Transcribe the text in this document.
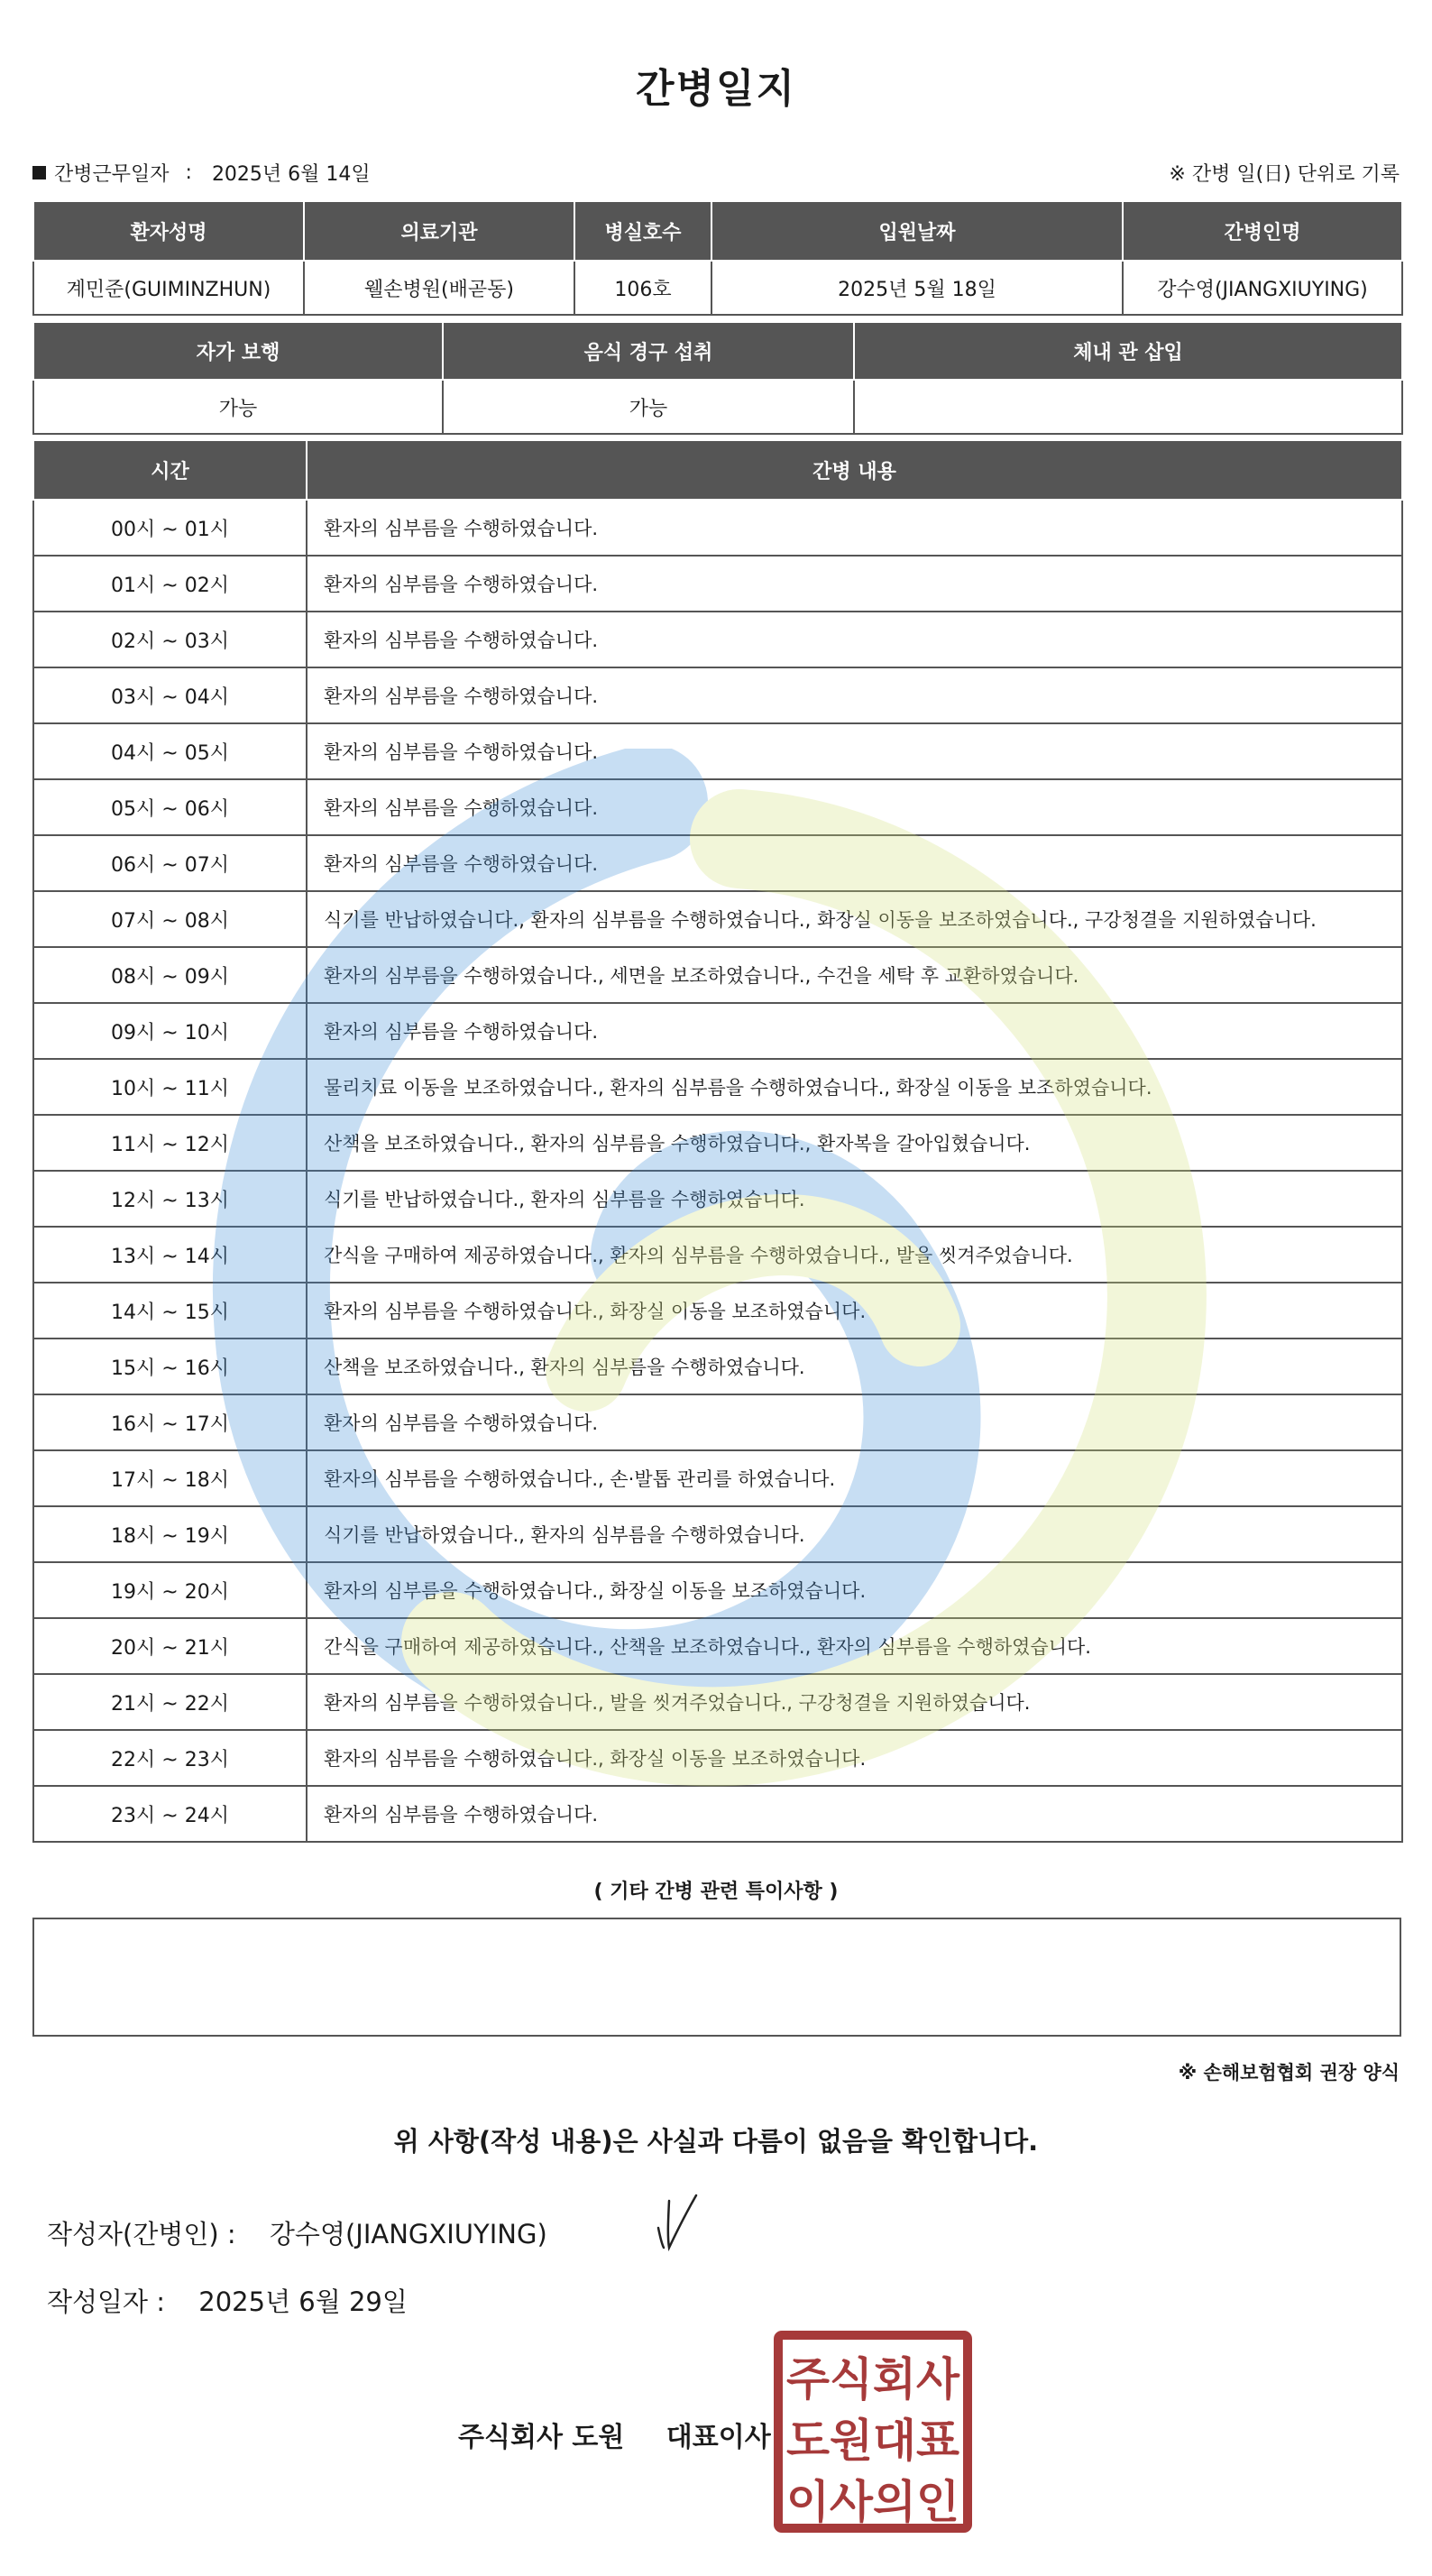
간병일지
간병근무일자 : 2025년 6월 14일	※ 간병 일(日) 단위로 기록
환자성명	의료기관	병실호수	입원날짜	간병인명
계민준(GUIMINZHUN)	웰손병원(배곧동)	106호	2025년 5월 18일	강수영(JIANGXIUYING)
자가 보행	음식 경구 섭취	체내 관 삽입
가능	가능	
시간	간병 내용
00시 ~ 01시	환자의 심부름을 수행하였습니다.
01시 ~ 02시	환자의 심부름을 수행하였습니다.
02시 ~ 03시	환자의 심부름을 수행하였습니다.
03시 ~ 04시	환자의 심부름을 수행하였습니다.
04시 ~ 05시	환자의 심부름을 수행하였습니다.
05시 ~ 06시	환자의 심부름을 수행하였습니다.
06시 ~ 07시	환자의 심부름을 수행하였습니다.
07시 ~ 08시	식기를 반납하였습니다., 환자의 심부름을 수행하였습니다., 화장실 이동을 보조하였습니다., 구강청결을 지원하였습니다.
08시 ~ 09시	환자의 심부름을 수행하였습니다., 세면을 보조하였습니다., 수건을 세탁 후 교환하였습니다.
09시 ~ 10시	환자의 심부름을 수행하였습니다.
10시 ~ 11시	물리치료 이동을 보조하였습니다., 환자의 심부름을 수행하였습니다., 화장실 이동을 보조하였습니다.
11시 ~ 12시	산책을 보조하였습니다., 환자의 심부름을 수행하였습니다., 환자복을 갈아입혔습니다.
12시 ~ 13시	식기를 반납하였습니다., 환자의 심부름을 수행하였습니다.
13시 ~ 14시	간식을 구매하여 제공하였습니다., 환자의 심부름을 수행하였습니다., 발을 씻겨주었습니다.
14시 ~ 15시	환자의 심부름을 수행하였습니다., 화장실 이동을 보조하였습니다.
15시 ~ 16시	산책을 보조하였습니다., 환자의 심부름을 수행하였습니다.
16시 ~ 17시	환자의 심부름을 수행하였습니다.
17시 ~ 18시	환자의 심부름을 수행하였습니다., 손·발톱 관리를 하였습니다.
18시 ~ 19시	식기를 반납하였습니다., 환자의 심부름을 수행하였습니다.
19시 ~ 20시	환자의 심부름을 수행하였습니다., 화장실 이동을 보조하였습니다.
20시 ~ 21시	간식을 구매하여 제공하였습니다., 산책을 보조하였습니다., 환자의 심부름을 수행하였습니다.
21시 ~ 22시	환자의 심부름을 수행하였습니다., 발을 씻겨주었습니다., 구강청결을 지원하였습니다.
22시 ~ 23시	환자의 심부름을 수행하였습니다., 화장실 이동을 보조하였습니다.
23시 ~ 24시	환자의 심부름을 수행하였습니다.
( 기타 간병 관련 특이사항 )
※ 손해보험협회 권장 양식
위 사항(작성 내용)은 사실과 다름이 없음을 확인합니다.
작성자(간병인) : 강수영(JIANGXIUYING)
작성일자 : 2025년 6월 29일
주식회사 도원 대표이사
주식회사
도원대표
이사의인
